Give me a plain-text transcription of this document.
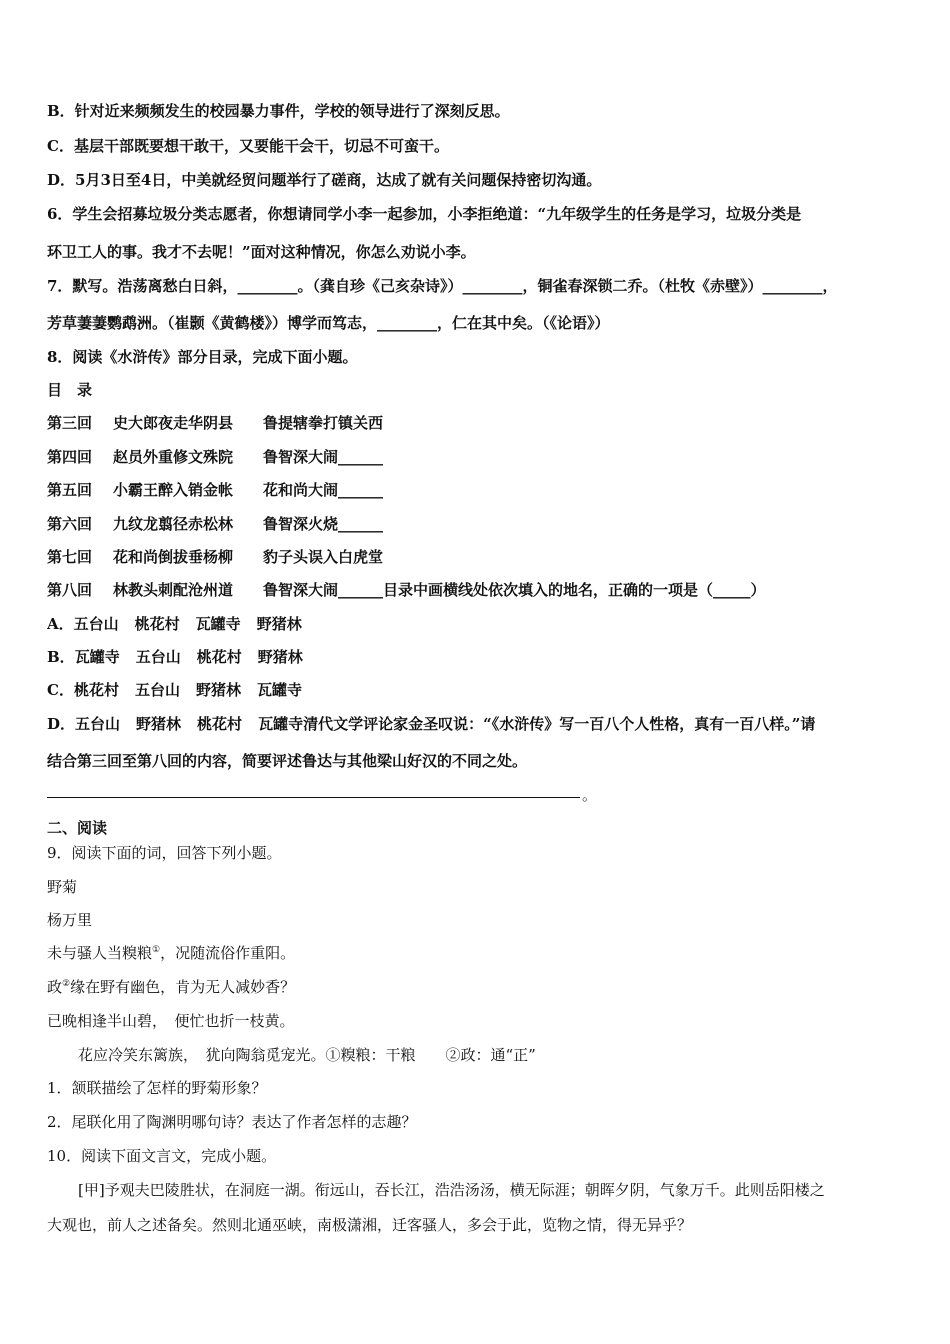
B．针对近来频频发生的校园暴力事件，学校的领导进行了深刻反思。
C．基层干部既要想干敢干，又要能干会干，切忌不可蛮干。
D．5月3日至4日，中美就经贸问题举行了磋商，达成了就有关问题保持密切沟通。
6．学生会招募垃圾分类志愿者，你想请同学小李一起参加，小李拒绝道：“九年级学生的任务是学习，垃圾分类是
环卫工人的事。我才不去呢！”面对这种情况，你怎么劝说小李。
7．默写。浩荡离愁白日斜，________。（龚自珍《己亥杂诗》）________，铜雀春深锁二乔。（杜牧《赤壁》）________，
芳草萋萋鹦鹉洲。（崔颢《黄鹤楼》）博学而笃志，________，仁在其中矣。（《论语》）
8．阅读《水浒传》部分目录，完成下面小题。
目　录
第三回 史大郎夜走华阴县 鲁提辖拳打镇关西
第四回 赵员外重修文殊院 鲁智深大闹______
第五回 小霸王醉入销金帐 花和尚大闹______
第六回 九纹龙翦径赤松林 鲁智深火烧______
第七回 花和尚倒拔垂杨柳 豹子头误入白虎堂
第八回 林教头刺配沧州道 鲁智深大闹______目录中画横线处依次填入的地名，正确的一项是（_____）
A．五台山 桃花村 瓦罐寺 野猪林
B．瓦罐寺 五台山 桃花村 野猪林
C．桃花村 五台山 野猪林 瓦罐寺
D．五台山 野猪林 桃花村 瓦罐寺清代文学评论家金圣叹说：“《水浒传》写一百八个人性格，真有一百八样。”请
结合第三回至第八回的内容，简要评述鲁达与其他梁山好汉的不同之处。
。
二、阅读
9．阅读下面的词，回答下列小题。
野菊
杨万里
未与骚人当糗粮①，况随流俗作重阳。
政②缘在野有幽色，肯为无人减妙香？
已晚相逢半山碧，　便忙也折一枝黄。
花应冷笑东篱族，　犹向陶翁觅宠光。①糗粮：干粮　　②政：通“正”
1．颔联描绘了怎样的野菊形象？
2．尾联化用了陶渊明哪句诗？表达了作者怎样的志趣？
10．阅读下面文言文，完成小题。
[甲]予观夫巴陵胜状，在洞庭一湖。衔远山，吞长江，浩浩汤汤，横无际涯；朝晖夕阴，气象万千。此则岳阳楼之
大观也，前人之述备矣。然则北通巫峡，南极潇湘，迁客骚人，多会于此，览物之情，得无异乎？
